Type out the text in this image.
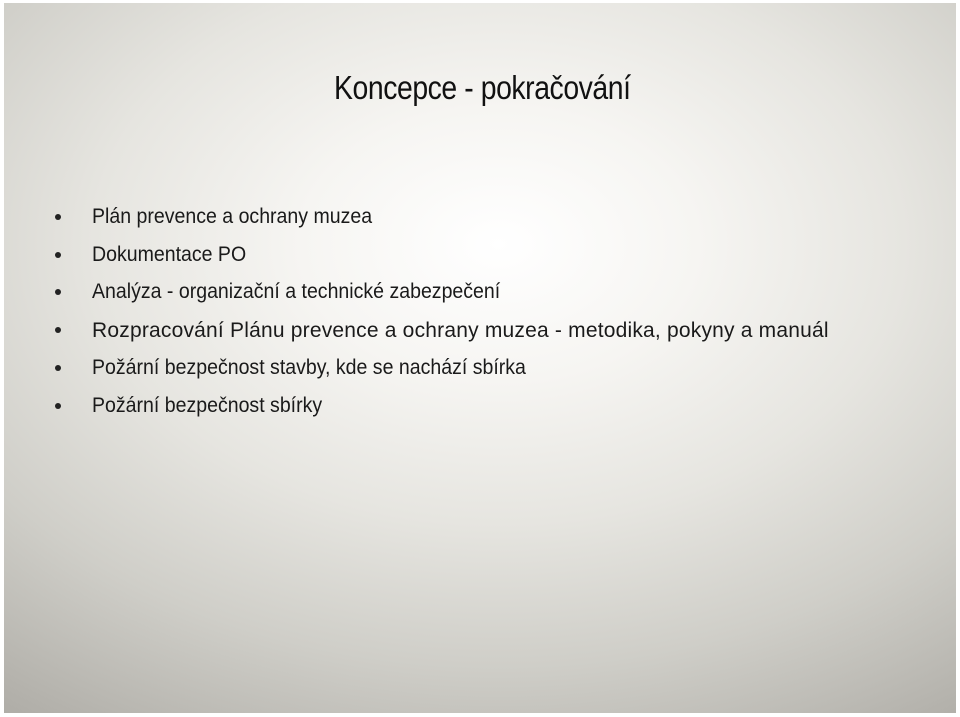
Koncepce - pokračování
Plán prevence a ochrany muzea
Dokumentace PO
Analýza - organizační a technické zabezpečení
Rozpracování Plánu prevence a ochrany muzea - metodika, pokyny a manuál
Požární bezpečnost stavby, kde se nachází sbírka
Požární bezpečnost sbírky
